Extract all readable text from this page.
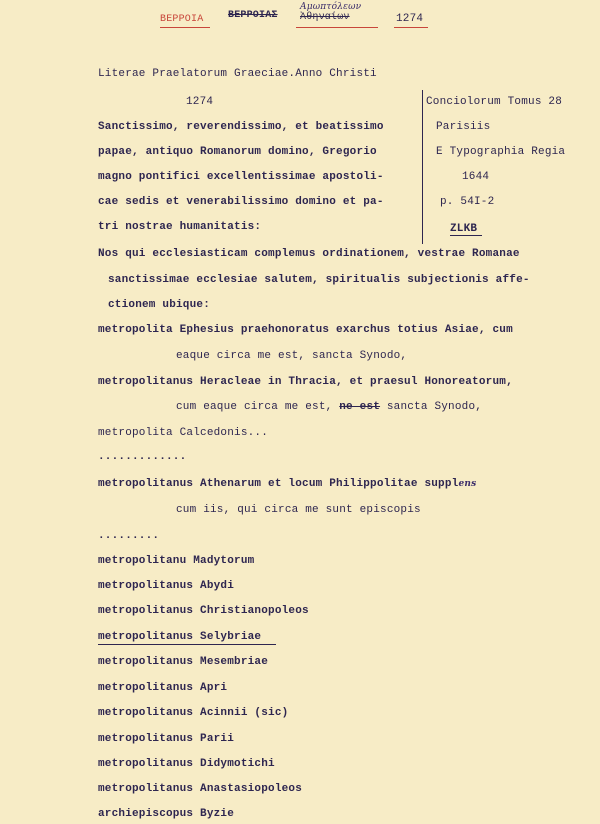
BEPPOIA ΒΕΡΡΟΙΑΣ
Αμωπτόλεων
Ἀθηναίων	1274
Literae Praelatorum Graeciae.Anno Christi
1274	Conciolorum Tomus 28
Parisiis
E Typographia Regia
1644
p. 54I-2
ZLKB
Sanctissimo, reverendissimo, et beatissimo
papae, antiquo Romanorum domino, Gregorio
magno pontifici excellentissimae apostoli-
cae sedis et venerabilissimo domino et pa-
tri nostrae humanitatis:
Nos qui ecclesiasticam complemus ordinationem, vestrae Romanae
sanctissimae ecclesiae salutem, spiritualis subjectionis affe-
ctionem ubique:
metropolita Ephesius praehonoratus exarchus totius Asiae, cum
eaque circa me est, sancta Synodo,
metropolitanus Heracleae in Thracia, et praesul Honoreatorum,
cum eaque circa me est, ne est sancta Synodo,
metropolita Calcedonis...
.............
metropolitanus Athenarum et locum Philippolitae supplens
cum iis, qui circa me sunt episcopis
.........
metropolitanu Madytorum
metropolitanus Abydi
metropolitanus Christianopoleos
metropolitanus Selybriae
metropolitanus Mesembriae
metropolitanus Apri
metropolitanus Acinnii (sic)
metropolitanus Parii
metropolitanus Didymotichi
metropolitanus Anastasiopoleos
archiepiscopus Byzie
